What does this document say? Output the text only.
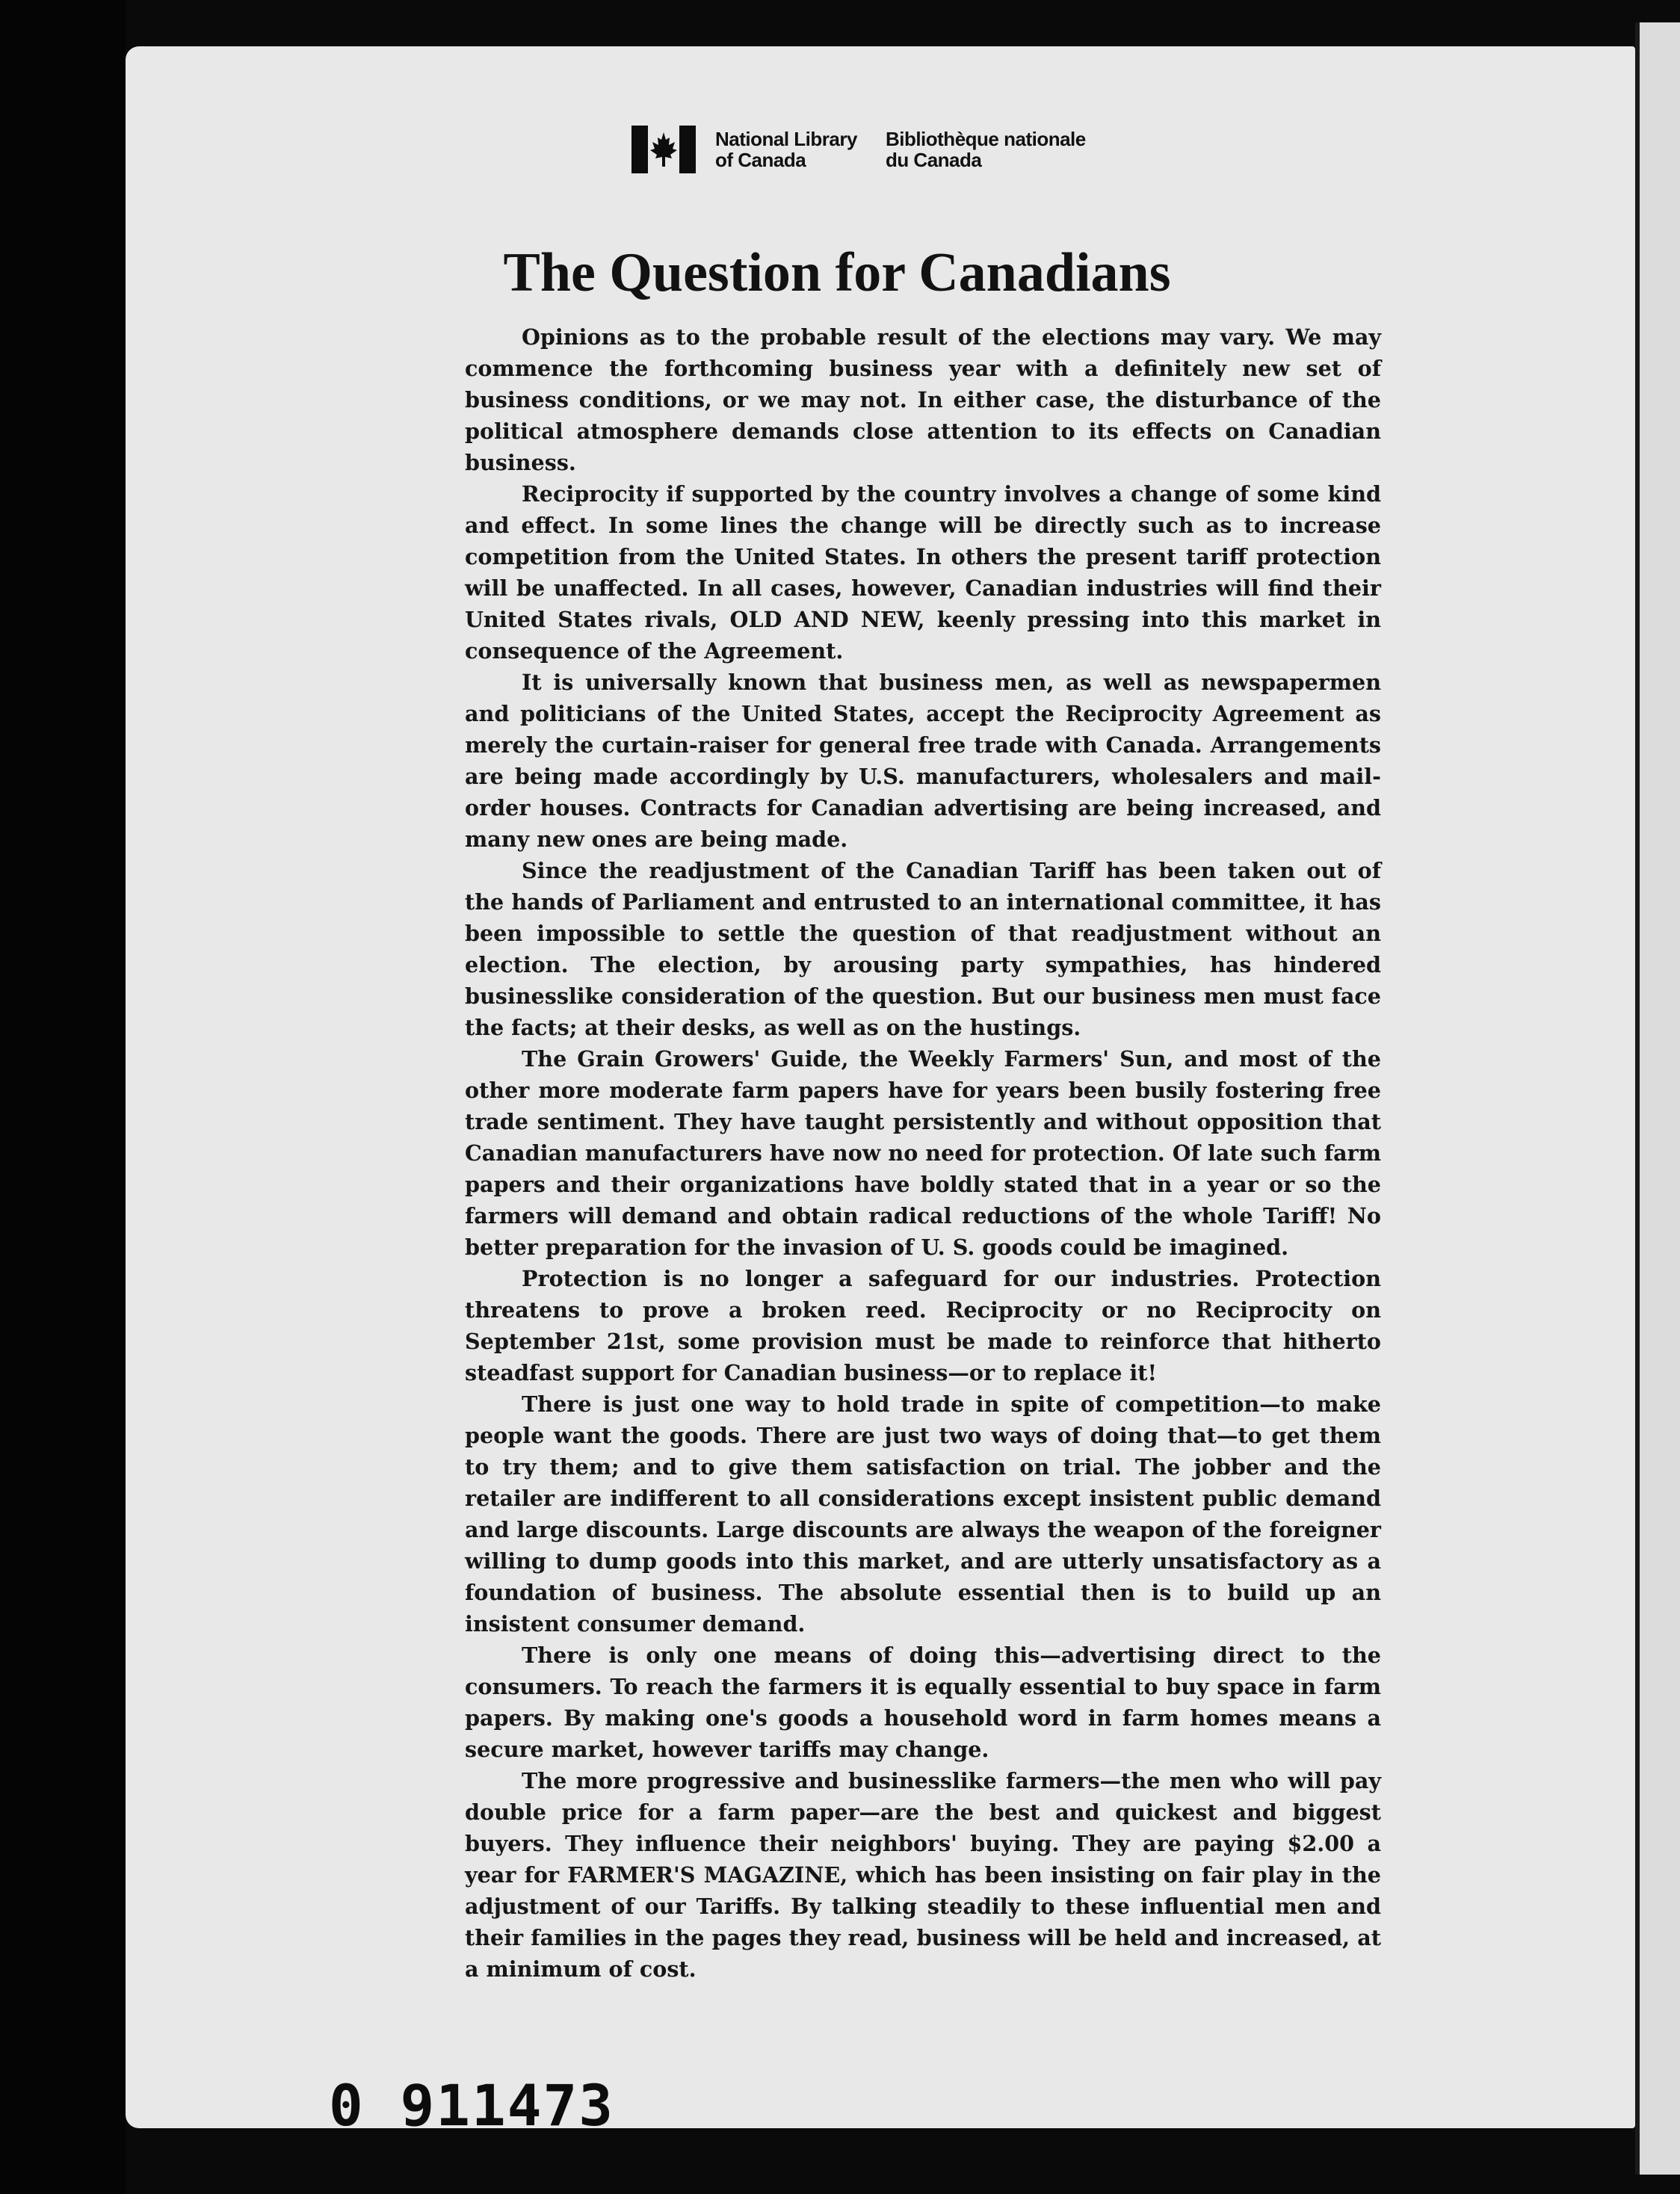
National Library
of Canada
Bibliothèque nationale
du Canada
The Question for Canadians

Opinions as to the probable result of the elections may vary. We may commence the forthcoming business year with a definitely new set of business conditions, or we may not. In either case, the disturbance of the political atmosphere demands close attention to its effects on Canadian business.

Reciprocity if supported by the country involves a change of some kind and effect. In some lines the change will be directly such as to increase competition from the United States. In others the present tariff protection will be unaffected. In all cases, however, Canadian industries will find their United States rivals, OLD AND NEW, keenly pressing into this market in consequence of the Agreement.

It is universally known that business men, as well as newspapermen and politicians of the United States, accept the Reciprocity Agreement as merely the curtain-raiser for general free trade with Canada. Arrangements are being made accordingly by U.S. manufacturers, wholesalers and mail-order houses. Contracts for Canadian advertising are being increased, and many new ones are being made.

Since the readjustment of the Canadian Tariff has been taken out of the hands of Parliament and entrusted to an international committee, it has been impossible to settle the question of that readjustment without an election. The election, by arousing party sympathies, has hindered businesslike consideration of the question. But our business men must face the facts; at their desks, as well as on the hustings.

The Grain Growers' Guide, the Weekly Farmers' Sun, and most of the other more moderate farm papers have for years been busily fostering free trade sentiment. They have taught persistently and without opposition that Canadian manufacturers have now no need for protection. Of late such farm papers and their organizations have boldly stated that in a year or so the farmers will demand and obtain radical reductions of the whole Tariff! No better preparation for the invasion of U. S. goods could be imagined.

Protection is no longer a safeguard for our industries. Protection threatens to prove a broken reed. Reciprocity or no Reciprocity on September 21st, some provision must be made to reinforce that hitherto steadfast support for Canadian business—or to replace it!

There is just one way to hold trade in spite of competition—to make people want the goods. There are just two ways of doing that—to get them to try them; and to give them satisfaction on trial. The jobber and the retailer are indifferent to all considerations except insistent public demand and large discounts. Large discounts are always the weapon of the foreigner willing to dump goods into this market, and are utterly unsatisfactory as a foundation of business. The absolute essential then is to build up an insistent consumer demand.

There is only one means of doing this—advertising direct to the consumers. To reach the farmers it is equally essential to buy space in farm papers. By making one's goods a household word in farm homes means a secure market, however tariffs may change.

The more progressive and businesslike farmers—the men who will pay double price for a farm paper—are the best and quickest and biggest buyers. They influence their neighbors' buying. They are paying $2.00 a year for FARMER'S MAGAZINE, which has been insisting on fair play in the adjustment of our Tariffs. By talking steadily to these influential men and their families in the pages they read, business will be held and increased, at a minimum of cost.

0 911473
